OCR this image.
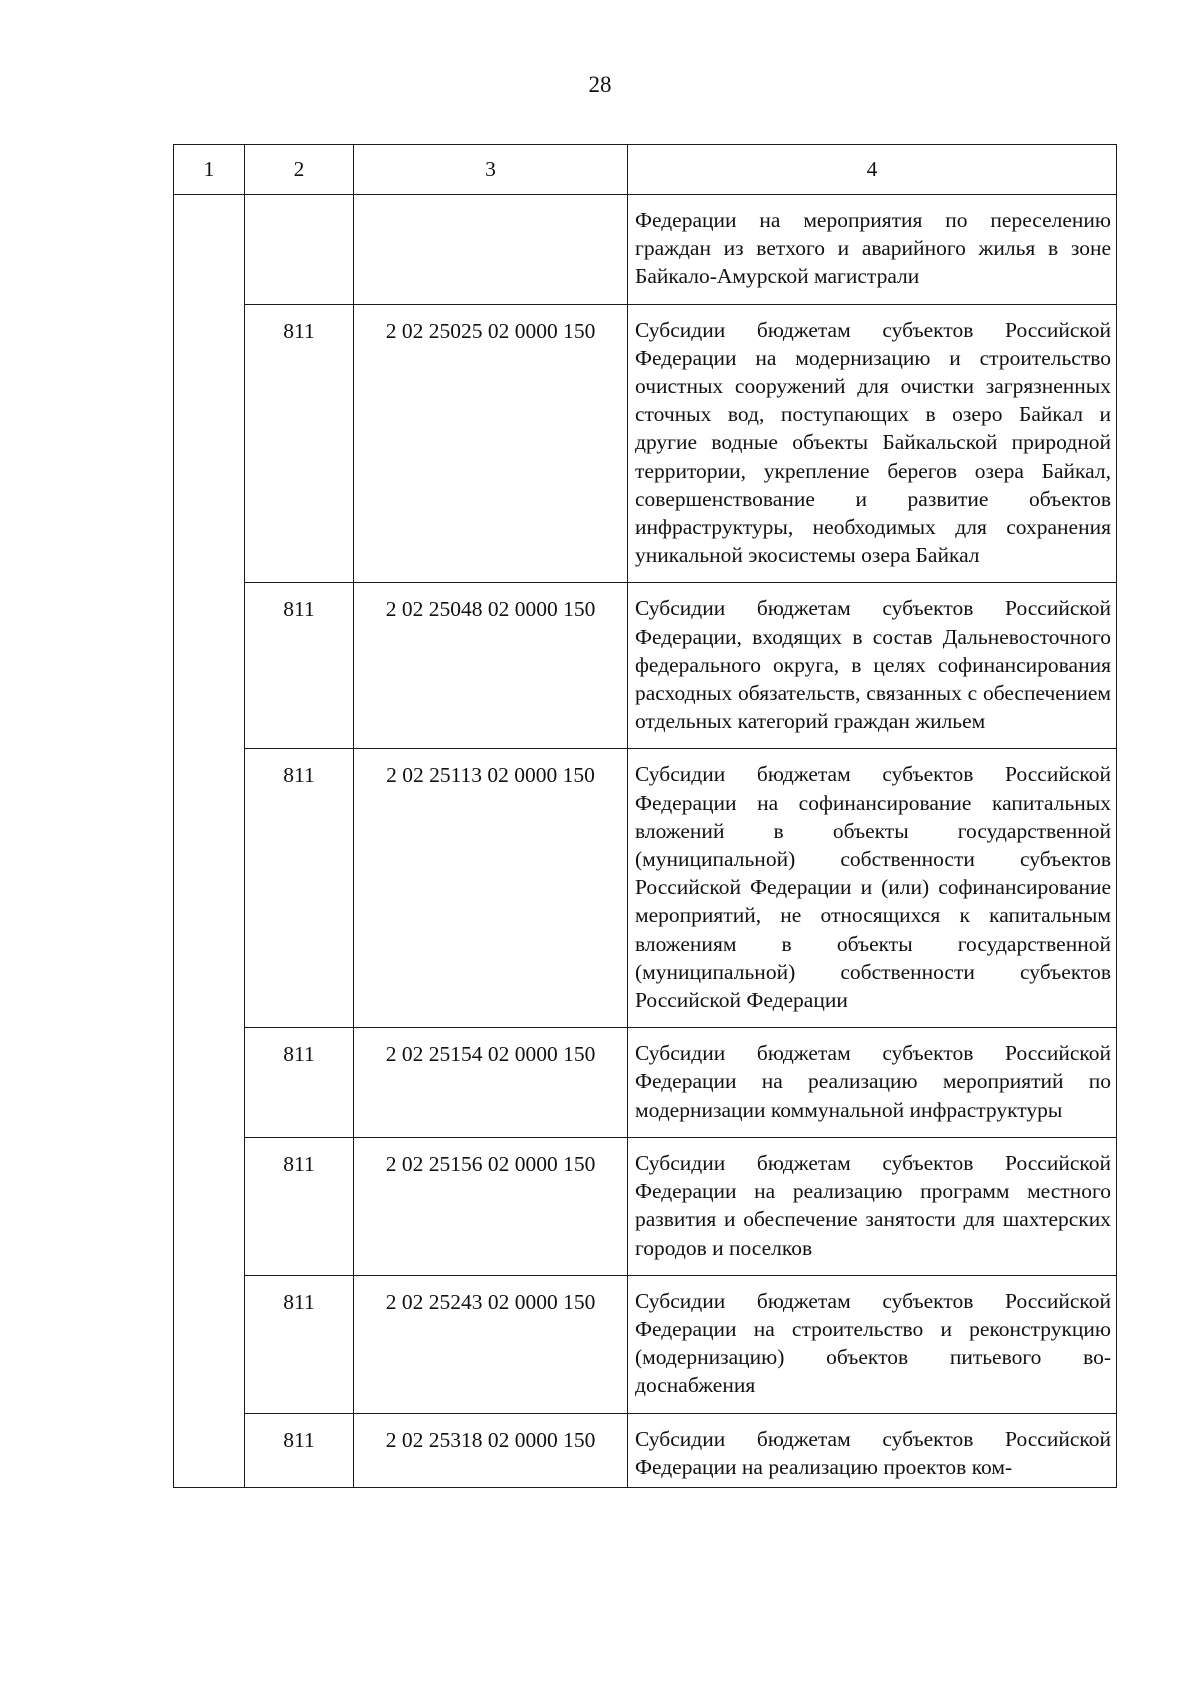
28
1	2	3	4
			Федерации на мероприятия по переселению граждан из ветхого и аварийного жилья в зоне Байкало-Амурской магистрали
	811	2 02 25025 02 0000 150	Субсидии бюджетам субъектов Российской Федерации на модернизацию и строительство очистных сооружений для очистки загрязненных сточных вод, поступающих в озеро Байкал и другие водные объекты Байкальской природной территории, укрепление берегов озера Байкал, совершенствование и развитие объектов инфраструктуры, необходимых для сохранения уникальной экосистемы озера Байкал
	811	2 02 25048 02 0000 150	Субсидии бюджетам субъектов Российской Федерации, входящих в состав Дальневосточного федерального округа, в целях софинансирования расходных обязательств, связанных с обеспечением отдельных категорий граждан жильем
	811	2 02 25113 02 0000 150	Субсидии бюджетам субъектов Российской Федерации на софинансирование капитальных вложений в объекты государственной (муниципальной) собственности субъектов Российской Федерации и (или) софинансирование мероприятий, не относящихся к капитальным вложениям в объекты государственной (муниципальной) собственности субъектов Российской Федерации
	811	2 02 25154 02 0000 150	Субсидии бюджетам субъектов Российской Федерации на реализацию мероприятий по модернизации коммунальной инфраструктуры
	811	2 02 25156 02 0000 150	Субсидии бюджетам субъектов Российской Федерации на реализацию программ местного развития и обеспечение занятости для шахтерских городов и поселков
	811	2 02 25243 02 0000 150	Субсидии бюджетам субъектов Российской Федерации на строительство и реконструкцию (модернизацию) объектов питьевого водоснабжения
	811	2 02 25318 02 0000 150	Субсидии бюджетам субъектов Российской Федерации на реализацию проектов ком-
